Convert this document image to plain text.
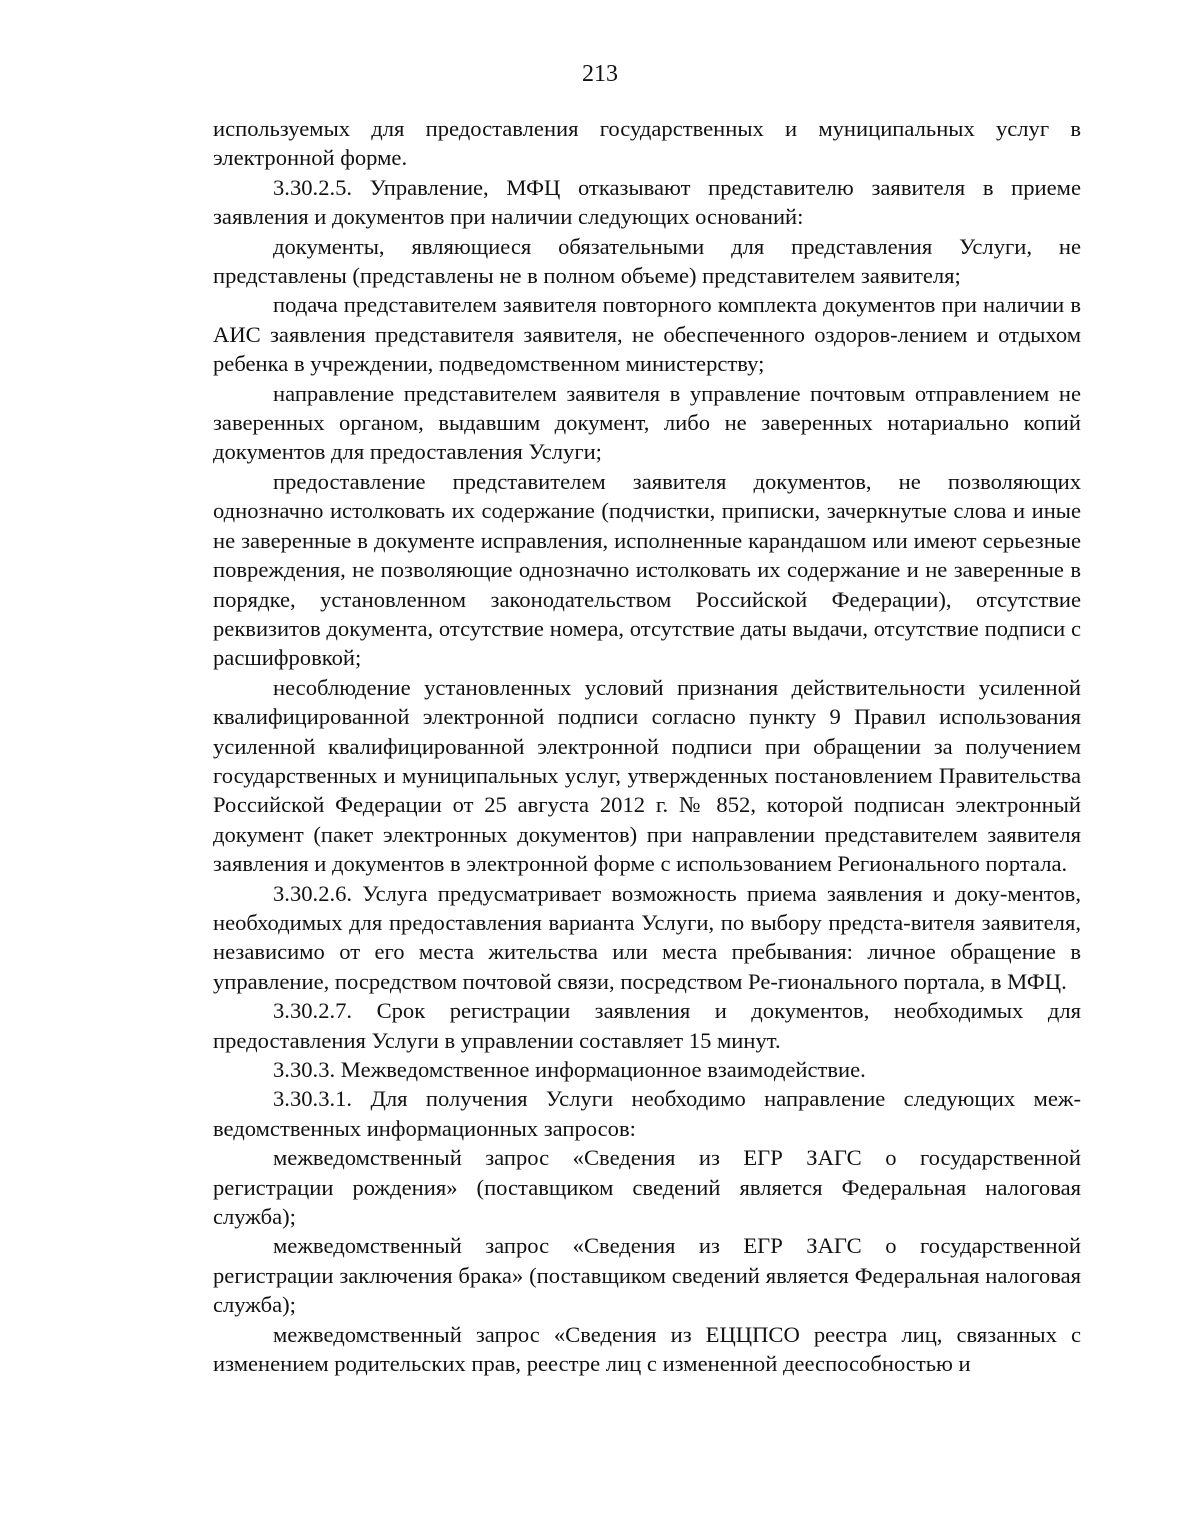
213

используемых для предоставления государственных и муниципальных услуг в электронной форме.

3.30.2.5. Управление, МФЦ отказывают представителю заявителя в приеме заявления и документов при наличии следующих оснований:

документы, являющиеся обязательными для представления Услуги, не представлены (представлены не в полном объеме) представителем заявителя;

подача представителем заявителя повторного комплекта документов при наличии в АИС заявления представителя заявителя, не обеспеченного оздоров-лением и отдыхом ребенка в учреждении, подведомственном министерству;

направление представителем заявителя в управление почтовым отправлением не заверенных органом, выдавшим документ, либо не заверенных нотариально копий документов для предоставления Услуги;

предоставление представителем заявителя документов, не позволяющих однозначно истолковать их содержание (подчистки, приписки, зачеркнутые слова и иные не заверенные в документе исправления, исполненные карандашом или имеют серьезные повреждения, не позволяющие однозначно истолковать их содержание и не заверенные в порядке, установленном законодательством Российской Федерации), отсутствие реквизитов документа, отсутствие номера, отсутствие даты выдачи, отсутствие подписи с расшифровкой;

несоблюдение установленных условий признания действительности усиленной квалифицированной электронной подписи согласно пункту 9 Правил использования усиленной квалифицированной электронной подписи при обращении за получением государственных и муниципальных услуг, утвержденных постановлением Правительства Российской Федерации от 25 августа 2012 г. № 852, которой подписан электронный документ (пакет электронных документов) при направлении представителем заявителя заявления и документов в электронной форме с использованием Регионального портала.

3.30.2.6. Услуга предусматривает возможность приема заявления и доку-ментов, необходимых для предоставления варианта Услуги, по выбору предста-вителя заявителя, независимо от его места жительства или места пребывания: личное обращение в управление, посредством почтовой связи, посредством Ре-гионального портала, в МФЦ.

3.30.2.7. Срок регистрации заявления и документов, необходимых для предоставления Услуги в управлении составляет 15 минут.

3.30.3. Межведомственное информационное взаимодействие.

3.30.3.1. Для получения Услуги необходимо направление следующих меж-ведомственных информационных запросов:

межведомственный запрос «Сведения из ЕГР ЗАГС о государственной регистрации рождения» (поставщиком сведений является Федеральная налоговая служба);

межведомственный запрос «Сведения из ЕГР ЗАГС о государственной регистрации заключения брака» (поставщиком сведений является Федеральная налоговая служба);

межведомственный запрос «Сведения из ЕЦЦПСО реестра лиц, связанных с изменением родительских прав, реестре лиц с измененной дееспособностью и
